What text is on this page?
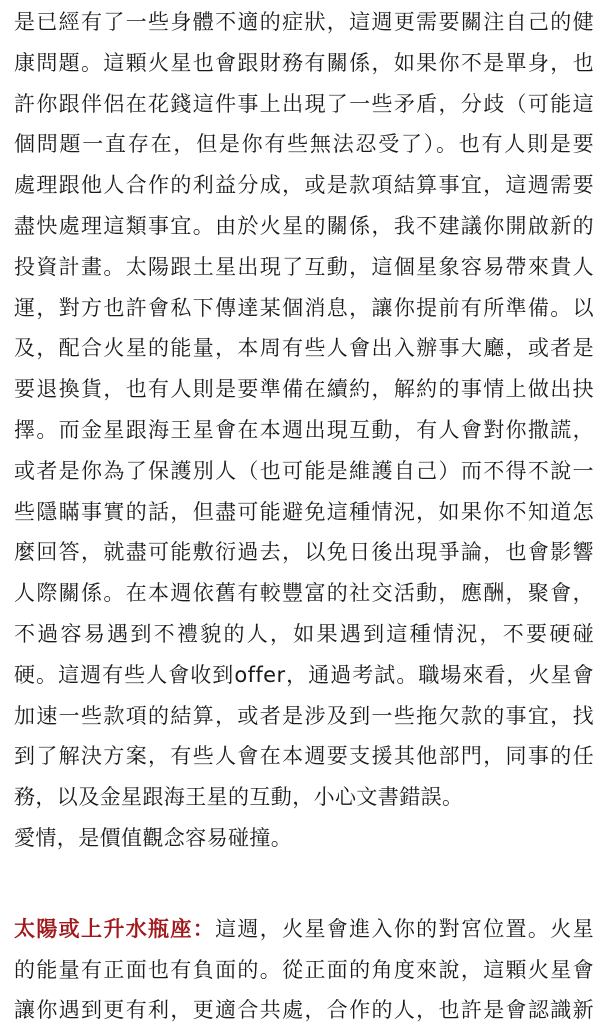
是已經有了一些身體不適的症狀，這週更需要關注自己的健
康問題。這顆火星也會跟財務有關係，如果你不是單身，也
許你跟伴侶在花錢這件事上出現了一些矛盾，分歧（可能這
個問題一直存在，但是你有些無法忍受了）。也有人則是要
處理跟他人合作的利益分成，或是款項結算事宜，這週需要
盡快處理這類事宜。由於火星的關係，我不建議你開啟新的
投資計畫。太陽跟土星出現了互動，這個星象容易帶來貴人
運，對方也許會私下傳達某個消息，讓你提前有所準備。以
及，配合火星的能量，本周有些人會出入辦事大廳，或者是
要退換貨，也有人則是要準備在續約，解約的事情上做出抉
擇。而金星跟海王星會在本週出現互動，有人會對你撒謊，
或者是你為了保護別人（也可能是維護自己）而不得不說一
些隱瞞事實的話，但盡可能避免這種情況，如果你不知道怎
麼回答，就盡可能敷衍過去，以免日後出現爭論，也會影響
人際關係。在本週依舊有較豐富的社交活動，應酬，聚會，
不過容易遇到不禮貌的人，如果遇到這種情況，不要硬碰
硬。這週有些人會收到offer，通過考試。職場來看，火星會
加速一些款項的結算，或者是涉及到一些拖欠款的事宜，找
到了解決方案，有些人會在本週要支援其他部門，同事的任
務，以及金星跟海王星的互動，小心文書錯誤。
愛情，是價值觀念容易碰撞。
太陽或上升水瓶座：這週，火星會進入你的對宮位置。火星
的能量有正面也有負面的。從正面的角度來說，這顆火星會
讓你遇到更有利，更適合共處，合作的人，也許是會認識新
